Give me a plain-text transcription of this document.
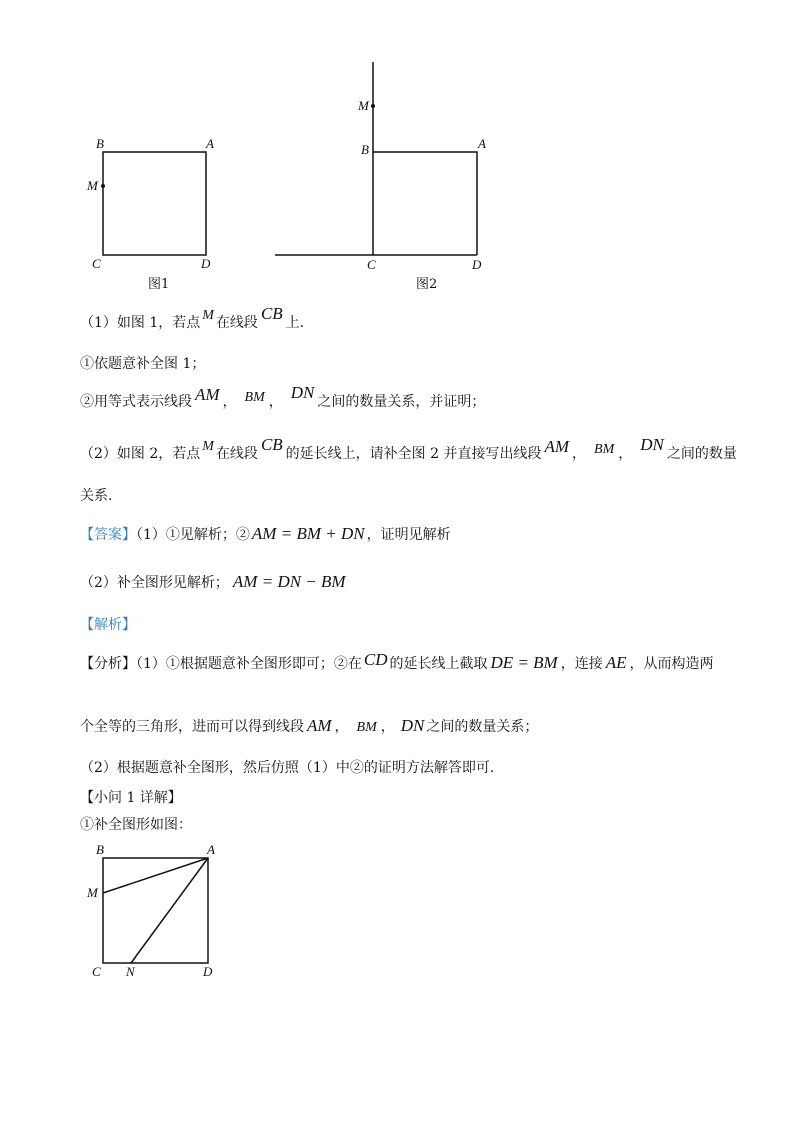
B	A
M
C	D
图1
M
B	A
C	D
图2
（1）如图 1，若点 M 在线段 CB 上.
①依题意补全图 1；
②用等式表示线段 AM ， BM ， DN 之间的数量关系，并证明；
（2）如图 2，若点 M 在线段 CB 的延长线上，请补全图 2 并直接写出线段 AM ， BM ， DN 之间的数量
关系.
【答案】（1）①见解析；② AM = BM + DN ，证明见解析
（2）补全图形见解析； AM = DN − BM
【解析】
【分析】（1）①根据题意补全图形即可；②在 CD 的延长线上截取 DE = BM ，连接 AE ，从而构造两
个全等的三角形，进而可以得到线段 AM ， BM ， DN 之间的数量关系；
（2）根据题意补全图形，然后仿照（1）中②的证明方法解答即可.
【小问 1 详解】
①补全图形如图：
B	A
M
C N	D
